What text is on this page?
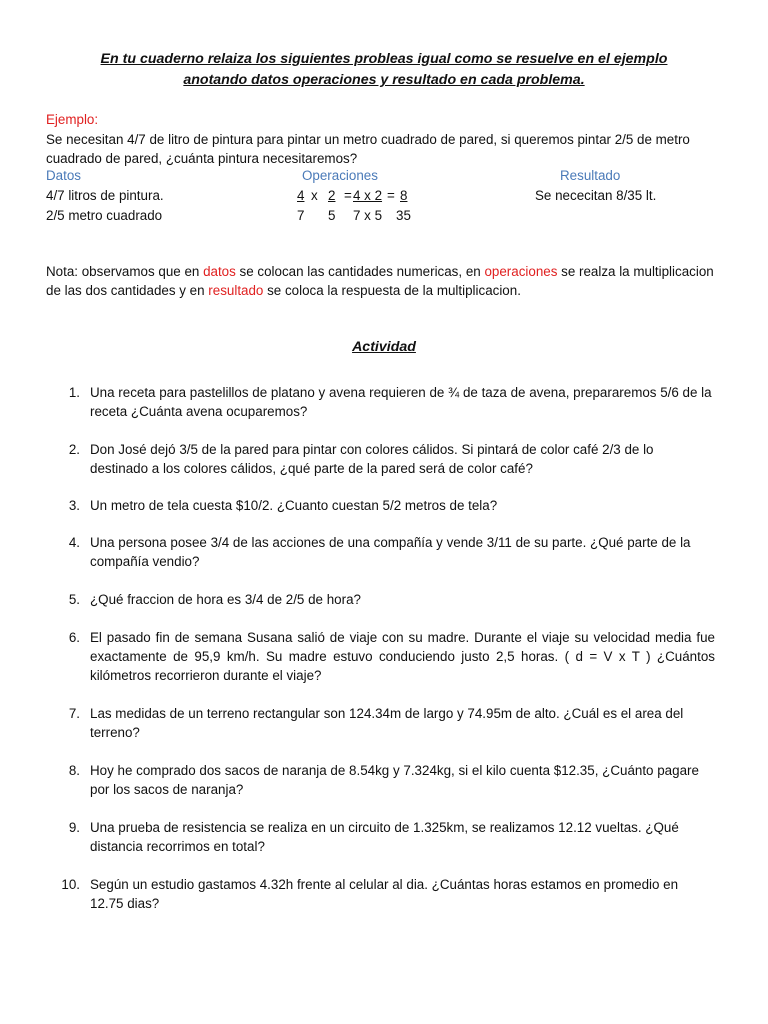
En tu cuaderno relaiza los siguientes probleas igual como se resuelve en el ejemplo
anotando datos operaciones y resultado en cada problema.
Ejemplo:
Se necesitan 4/7 de litro de pintura para pintar un metro cuadrado de pared, si queremos pintar 2/5 de metro cuadrado de pared, ¿cuánta pintura necesitaremos?
Datos	Operaciones	Resultado
4/7 litros de pintura.
2/5 metro cuadrado
4 x 2 = 4 x 2 = 8
7 5 7 x 5 35
Se nececitan 8/35 lt.
Nota: observamos que en datos se colocan las cantidades numericas, en operaciones se realza la multiplicacion de las dos cantidades y en resultado se coloca la respuesta de la multiplicacion.
Actividad
1. Una receta para pastelillos de platano y avena requieren de ¾ de taza de avena, prepararemos 5/6 de la receta ¿Cuánta avena ocuparemos?
2. Don José dejó 3/5 de la pared para pintar con colores cálidos. Si pintará de color café 2/3 de lo destinado a los colores cálidos, ¿qué parte de la pared será de color café?
3. Un metro de tela cuesta $10/2. ¿Cuanto cuestan 5/2 metros de tela?
4. Una persona posee 3/4 de las acciones de una compañía y vende 3/11 de su parte. ¿Qué parte de la compañía vendio?
5. ¿Qué fraccion de hora es 3/4 de 2/5 de hora?
6. El pasado fin de semana Susana salió de viaje con su madre. Durante el viaje su velocidad media fue exactamente de 95,9 km/h. Su madre estuvo conduciendo justo 2,5 horas. ( d = V x T ) ¿Cuántos kilómetros recorrieron durante el viaje?
7. Las medidas de un terreno rectangular son 124.34m de largo y 74.95m de alto. ¿Cuál es el area del terreno?
8. Hoy he comprado dos sacos de naranja de 8.54kg y 7.324kg, si el kilo cuenta $12.35, ¿Cuánto pagare por los sacos de naranja?
9. Una prueba de resistencia se realiza en un circuito de 1.325km, se realizamos 12.12 vueltas. ¿Qué distancia recorrimos en total?
10. Según un estudio gastamos 4.32h frente al celular al dia. ¿Cuántas horas estamos en promedio en 12.75 dias?
